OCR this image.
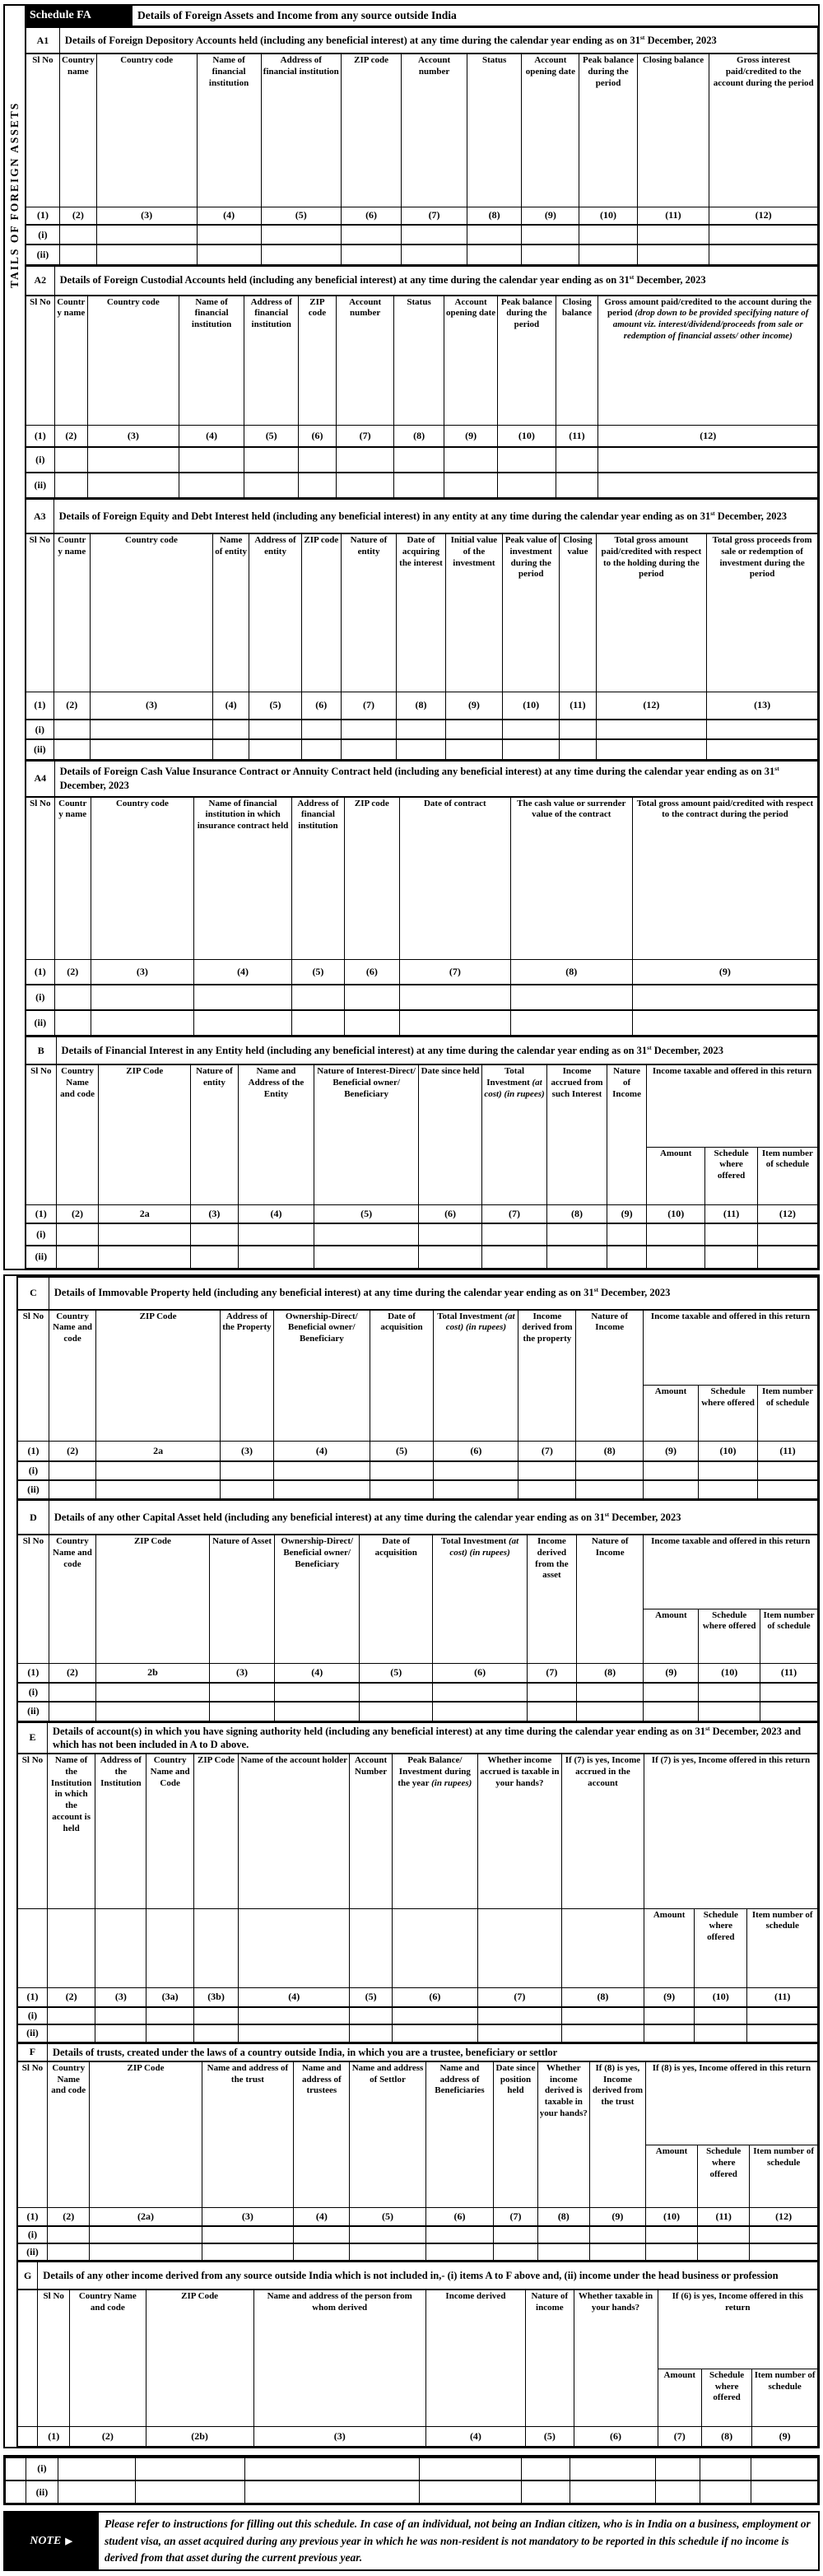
TAILS OF FOREIGN ASSETS
Schedule FA	Details of Foreign Assets and Income from any source outside India
A1	Details of Foreign Depository Accounts held (including any beneficial interest) at any time during the calendar year ending as on 31st December, 2023										
Sl No	Country name	Country code	Name of financial institution	Address of financial institution	ZIP code	Account number	Status	Account opening date	Peak balance during the period	Closing balance	Gross interest paid/credited to the account during the period
(1)	(2)	(3)	(4)	(5)	(6)	(7)	(8)	(9)	(10)	(11)	(12)
(i)											
(ii)											
A2	Details of Foreign Custodial Accounts held (including any beneficial interest) at any time during the calendar year ending as on 31st December, 2023										
Sl No	Country name	Country code	Name of financial institution	Address of financial institution	ZIP code	Account number	Status	Account opening date	Peak balance during the period	Closing balance	Gross amount paid/credited to the account during the period (drop down to be provided specifying nature of amount viz. interest/dividend/proceeds from sale or redemption of financial assets/ other income)
(1)	(2)	(3)	(4)	(5)	(6)	(7)	(8)	(9)	(10)	(11)	(12)
(i)											
(ii)											
A3	Details of Foreign Equity and Debt Interest held (including any beneficial interest) in any entity at any time during the calendar year ending as on 31st December, 2023											
Sl No	Country name	Country code	Name of entity	Address of entity	ZIP code	Nature of entity	Date of acquiring the interest	Initial value of the investment	Peak value of investment during the period	Closing value	Total gross amount paid/credited with respect to the holding during the period	Total gross proceeds from sale or redemption of investment during the period
(1)	(2)	(3)	(4)	(5)	(6)	(7)	(8)	(9)	(10)	(11)	(12)	(13)
(i)												
(ii)												
A4	Details of Foreign Cash Value Insurance Contract or Annuity Contract held (including any beneficial interest) at any time during the calendar year ending as on 31st December, 2023							
Sl No	Country name	Country code	Name of financial institution in which insurance contract held	Address of financial institution	ZIP code	Date of contract	The cash value or surrender value of the contract	Total gross amount paid/credited with respect to the contract during the period
(1)	(2)	(3)	(4)	(5)	(6)	(7)	(8)	(9)
(i)								
(ii)								
B	Details of Financial Interest in any Entity held (including any beneficial interest) at any time during the calendar year ending as on 31st December, 2023											
Sl No	Country Name and code	ZIP Code	Nature of entity	Name and Address of the Entity	Nature of Interest-Direct/ Beneficial owner/ Beneficiary	Date since held	Total Investment (at cost) (in rupees)	Income accrued from such Interest	Nature of Income	Income taxable and offered in this return		
										Amount	Schedule where offered	Item number of schedule
(1)	(2)	2a	(3)	(4)	(5)	(6)	(7)	(8)	(9)	(10)	(11)	(12)
(i)												
(ii)												
C	Details of Immovable Property held (including any beneficial interest) at any time during the calendar year ending as on 31st December, 2023										
Sl No	Country Name and code	ZIP Code	Address of the Property	Ownership-Direct/ Beneficial owner/ Beneficiary	Date of acquisition	Total Investment (at cost) (in rupees)	Income derived from the property	Nature of Income	Income taxable and offered in this return		
									Amount	Schedule where offered	Item number of schedule
(1)	(2)	2a	(3)	(4)	(5)	(6)	(7)	(8)	(9)	(10)	(11)
(i)											
(ii)											
D	Details of any other Capital Asset held (including any beneficial interest) at any time during the calendar year ending as on 31st December, 2023										
Sl No	Country Name and code	ZIP Code	Nature of Asset	Ownership-Direct/ Beneficial owner/ Beneficiary	Date of acquisition	Total Investment (at cost) (in rupees)	Income derived from the asset	Nature of Income	Income taxable and offered in this return		
									Amount	Schedule where offered	Item number of schedule
(1)	(2)	2b	(3)	(4)	(5)	(6)	(7)	(8)	(9)	(10)	(11)
(i)											
(ii)											
E	Details of account(s) in which you have signing authority held (including any beneficial interest) at any time during the calendar year ending as on 31st December, 2023 and which has not been included in A to D above.											
Sl No	Name of the Institution in which the account is held	Address of the Institution	Country Name and Code	ZIP Code	Name of the account holder	Account Number	Peak Balance/ Investment during the year (in rupees)	Whether income accrued is taxable in your hands?	If (7) is yes, Income accrued in the account	If (7) is yes, Income offered in this return		
										Amount	Schedule where offered	Item number of schedule
(1)	(2)	(3)	(3a)	(3b)	(4)	(5)	(6)	(7)	(8)	(9)	(10)	(11)
(i)												
(ii)												
F	Details of trusts, created under the laws of a country outside India, in which you are a trustee, beneficiary or settlor											
Sl No	Country Name and code	ZIP Code	Name and address of the trust	Name and address of trustees	Name and address of Settlor	Name and address of Beneficiaries	Date since position held	Whether income derived is taxable in your hands?	If (8) is yes, Income derived from the trust	If (8) is yes, Income offered in this return		
										Amount	Schedule where offered	Item number of schedule
(1)	(2)	(2a)	(3)	(4)	(5)	(6)	(7)	(8)	(9)	(10)	(11)	(12)
(i)												
(ii)												
G	Details of any other income derived from any source outside India which is not included in,- (i) items A to F above and, (ii) income under the head business or profession									
	Sl No	Country Name and code	ZIP Code	Name and address of the person from whom derived	Income derived	Nature of income	Whether taxable in your hands?	If (6) is yes, Income offered in this return		
								Amount	Schedule where offered	Item number of schedule
	(1)	(2)	(2b)	(3)	(4)	(5)	(6)	(7)	(8)	(9)
	(i)									
	(ii)									
NOTE ▶
Please refer to instructions for filling out this schedule. In case of an individual, not being an Indian citizen, who is in India on a business, employment or student visa, an asset acquired during any previous year in which he was non-resident is not mandatory to be reported in this schedule if no income is derived from that asset during the current previous year.
